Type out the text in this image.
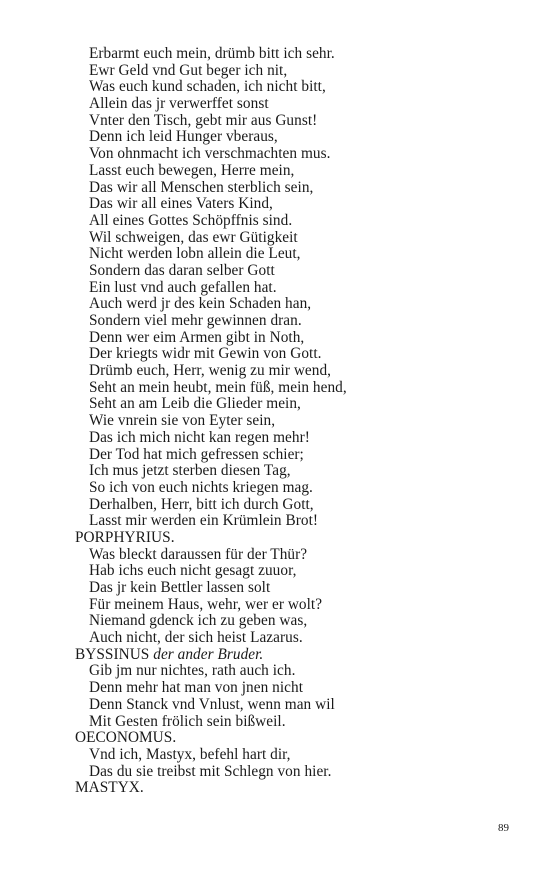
Erbarmt euch mein, drümb bitt ich sehr.
Ewr Geld vnd Gut beger ich nit,
Was euch kund schaden, ich nicht bitt,
Allein das jr verwerffet sonst
Vnter den Tisch, gebt mir aus Gunst!
Denn ich leid Hunger vberaus,
Von ohnmacht ich verschmachten mus.
Lasst euch bewegen, Herre mein,
Das wir all Menschen sterblich sein,
Das wir all eines Vaters Kind,
All eines Gottes Schöpffnis sind.
Wil schweigen, das ewr Gütigkeit
Nicht werden lobn allein die Leut,
Sondern das daran selber Gott
Ein lust vnd auch gefallen hat.
Auch werd jr des kein Schaden han,
Sondern viel mehr gewinnen dran.
Denn wer eim Armen gibt in Noth,
Der kriegts widr mit Gewin von Gott.
Drümb euch, Herr, wenig zu mir wend,
Seht an mein heubt, mein füß, mein hend,
Seht an am Leib die Glieder mein,
Wie vnrein sie von Eyter sein,
Das ich mich nicht kan regen mehr!
Der Tod hat mich gefressen schier;
Ich mus jetzt sterben diesen Tag,
So ich von euch nichts kriegen mag.
Derhalben, Herr, bitt ich durch Gott,
Lasst mir werden ein Krümlein Brot!
PORPHYRIUS.
Was bleckt daraussen für der Thür?
Hab ichs euch nicht gesagt zuuor,
Das jr kein Bettler lassen solt
Für meinem Haus, wehr, wer er wolt?
Niemand gdenck ich zu geben was,
Auch nicht, der sich heist Lazarus.
BYSSINUS der ander Bruder.
Gib jm nur nichtes, rath auch ich.
Denn mehr hat man von jnen nicht
Denn Stanck vnd Vnlust, wenn man wil
Mit Gesten frölich sein bißweil.
OECONOMUS.
Vnd ich, Mastyx, befehl hart dir,
Das du sie treibst mit Schlegn von hier.
MASTYX.
89
